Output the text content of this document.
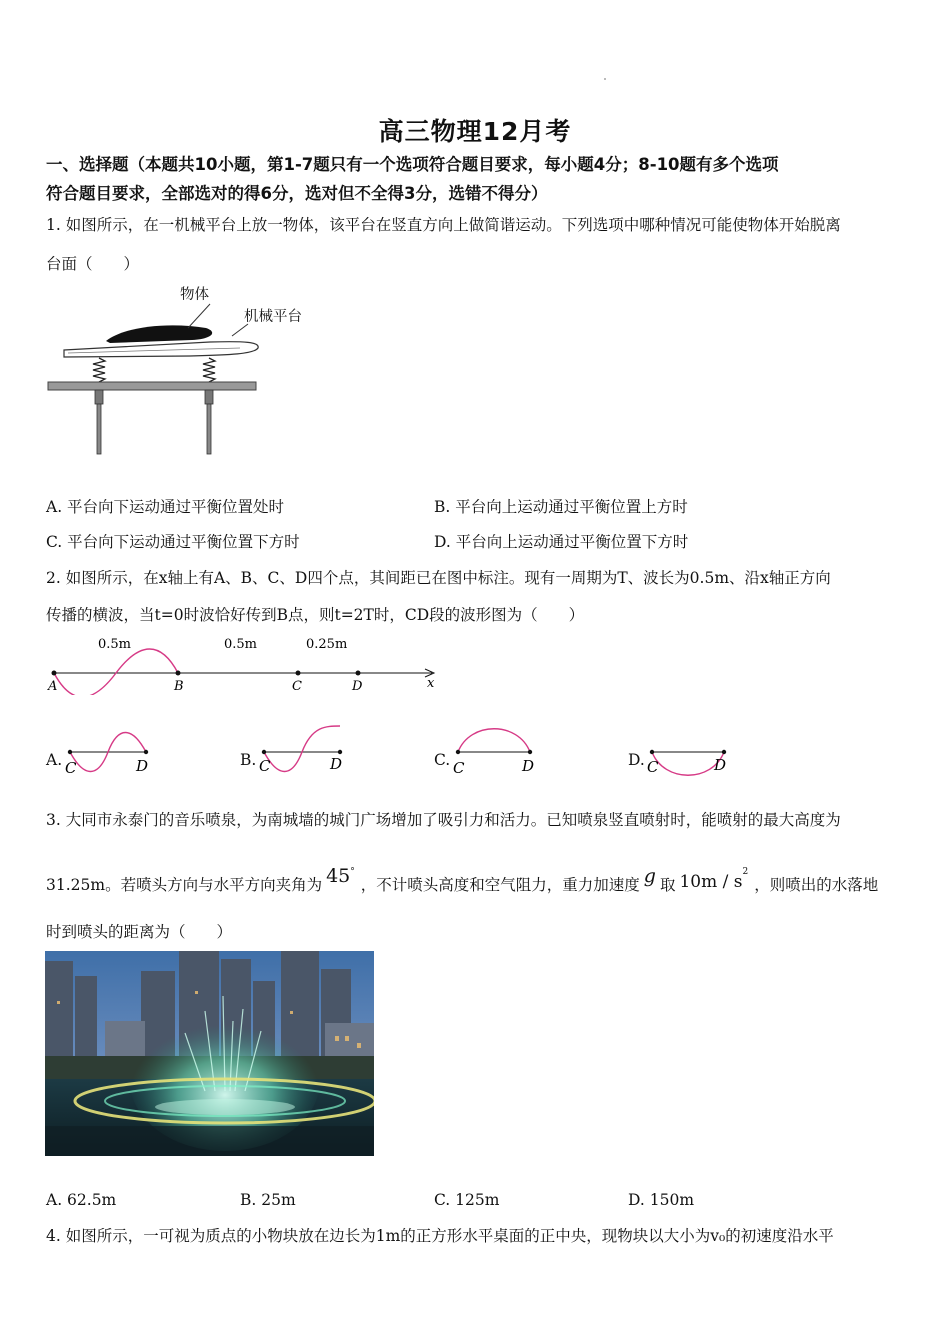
高三物理12月考
一、选择题（本题共10小题，第1-7题只有一个选项符合题目要求，每小题4分；8-10题有多个选项
符合题目要求，全部选对的得6分，选对但不全得3分，选错不得分）
1. 如图所示，在一机械平台上放一物体，该平台在竖直方向上做简谐运动。下列选项中哪种情况可能使物体开始脱离
台面（　　）
物体
机械平台
A. 平台向下运动通过平衡位置处时	B. 平台向上运动通过平衡位置上方时
C. 平台向下运动通过平衡位置下方时	D. 平台向上运动通过平衡位置下方时
2. 如图所示，在x轴上有A、B、C、D四个点，其间距已在图中标注。现有一周期为T、波长为0.5m、沿x轴正方向
传播的横波，当t=0时波恰好传到B点，则t=2T时，CD段的波形图为（　　）
0.5m	0.5m	0.25m
A	B	C	D	x
A. C	D	B. C	D	C. C	D	D. C	D
3. 大同市永泰门的音乐喷泉，为南城墙的城门广场增加了吸引力和活力。已知喷泉竖直喷射时，能喷射的最大高度为
31.25m。若喷头方向与水平方向夹角为 45°，不计喷头高度和空气阻力，重力加速度 g 取 $10m / s^2$，则喷出的水落地
时到喷头的距离为（　　）
A. 62.5m	B. 25m	C. 125m	D. 150m
4. 如图所示，一可视为质点的小物块放在边长为1m的正方形水平桌面的正中央，现物块以大小为v₀的初速度沿水平
